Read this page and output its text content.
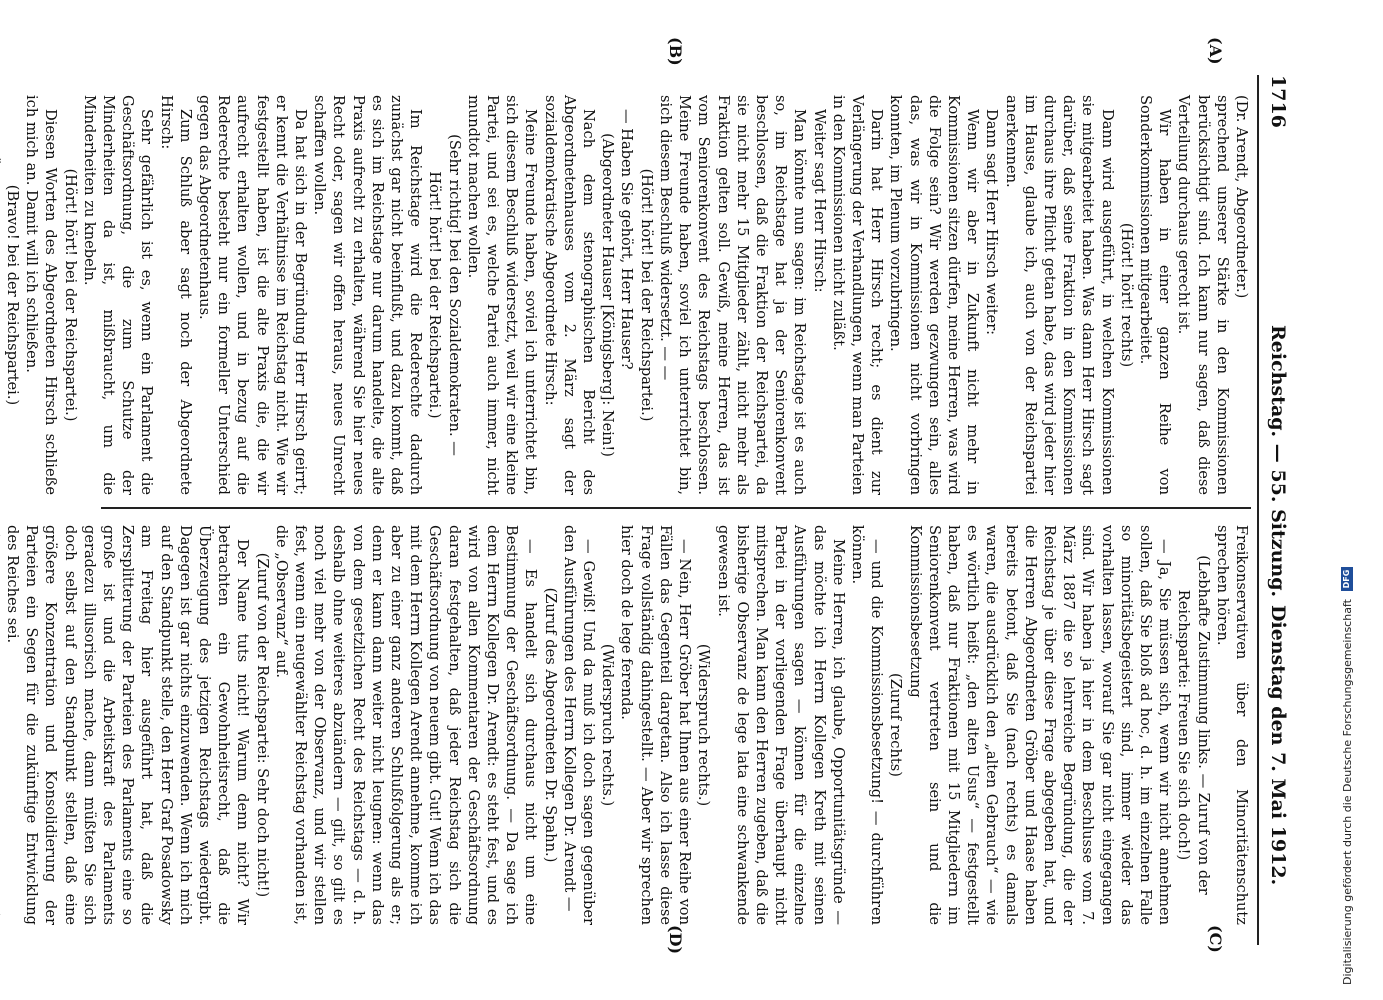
1716
Reichstag. — 55. Sitzung.
Dienstag den 7. Mai 1912.
(A)
(B)
(C)
(D)

(Dr. Arendt, Abgeordneter.)

sprechend unserer Stärke in den Kommissionen berücksichtigt sind. Ich kann nur sagen, daß diese Verteilung durchaus gerecht ist.

Wir haben in einer ganzen Reihe von Sonderkommissionen mitgearbeitet.

(Hört! hört! rechts)

Dann wird ausgeführt, in welchen Kommissionen sie mitgearbeitet haben. Was dann Herr Hirsch sagt darüber, daß seine Fraktion in den Kommissionen durchaus ihre Pflicht getan habe, das wird jeder hier im Hause, glaube ich, auch von der Reichspartei anerkennen.

Dann sagt Herr Hirsch weiter:

Wenn wir aber in Zukunft nicht mehr in Kommissionen sitzen dürfen, meine Herren, was wird die Folge sein? Wir werden gezwungen sein, alles das, was wir in Kommissionen nicht vorbringen konnten, im Plenum vorzubringen.

Darin hat Herr Hirsch recht; es dient zur Verlängerung der Verhandlungen, wenn man Parteien in den Kommissionen nicht zuläßt.

Weiter sagt Herr Hirsch:

Man könnte nun sagen: im Reichstage ist es auch so, im Reichstage hat ja der Seniorenkonvent beschlossen, daß die Fraktion der Reichspartei, da sie nicht mehr 15 Mitglieder zählt, nicht mehr als Fraktion gelten soll. Gewiß, meine Herren, das ist vom Seniorenkonvent des Reichstags beschlossen. Meine Freunde haben, soviel ich unterrichtet bin, sich diesem Beschluß widersetzt. — —

(Hört! hört! bei der Reichspartei.)

— Haben Sie gehört, Herr Hauser?

(Abgeordneter Hauser [Königsberg]: Nein!)

Nach dem stenographischen Bericht des Abgeordnetenhauses vom 2. März sagt der sozialdemokratische Abgeordnete Hirsch:

Meine Freunde haben, soviel ich unterrichtet bin, sich diesem Beschluß widersetzt, weil wir eine kleine Partei, und sei es, welche Partei auch immer, nicht mundtot machen wollen.

(Sehr richtig! bei den Sozialdemokraten. —

Hört! hört! bei der Reichspartei.)

Im Reichstage wird die Rederechte dadurch zunächst gar nicht beeinflußt, und dazu kommt, daß es sich im Reichstage nur darum handelte, die alte Praxis aufrecht zu erhalten, während Sie hier neues Recht oder, sagen wir offen heraus, neues Unrecht schaffen wollen.

Da hat sich in der Begründung Herr Hirsch geirrt; er kennt die Verhältnisse im Reichstag nicht. Wie wir festgestellt haben, ist die alte Praxis die, die wir aufrecht erhalten wollen, und in bezug auf die Rederechte besteht nur ein formeller Unterschied gegen das Abgeordnetenhaus.

Zum Schluß aber sagt noch der Abgeordnete Hirsch:

Sehr gefährlich ist es, wenn ein Parlament die Geschäftsordnung, die zum Schutze der Minderheiten da ist, mißbraucht, um die Minderheiten zu knebeln.

(Hört! hört! bei der Reichspartei.)

Diesen Worten des Abgeordneten Hirsch schließe ich mich an. Damit will ich schließen.

(Bravo! bei der Reichspartei.)

Freikonservativen über den Minoritätenschutz sprechen hören.

(Lebhafte Zustimmung links. — Zuruf von der Reichspartei: Freuen Sie sich doch!)

— Ja, Sie müssen sich, wenn wir nicht annehmen sollen, daß Sie bloß ad hoc, d. h. im einzelnen Falle so minoritätsbegeistert sind, immer wieder das vorhalten lassen, worauf Sie gar nicht eingegangen sind. Wir haben ja hier in dem Beschlusse vom 7. März 1887 die so lehrreiche Begründung, die der Reichstag je über diese Frage abgegeben hat, und die Herren Abgeordneten Gröber und Haase haben bereits betont, daß Sie (nach rechts) es damals waren, die ausdrücklich den „alten Gebrauch“ — wie es wörtlich heißt: „den alten Usus“ — festgestellt haben, daß nur Fraktionen mit 15 Mitgliedern im Seniorenkonvent vertreten sein und die Kommissionsbesetzung

(Zuruf rechts)

— und die Kommissionsbesetzung! — durchführen können.

Meine Herren, ich glaube, Opportunitätsgründe — das möchte ich Herrn Kollegen Kreth mit seinen Ausführungen sagen — können für die einzelne Partei in der vorliegenden Frage überhaupt nicht mitsprechen. Man kann den Herren zugeben, daß die bisherige Observanz de lege lata eine schwankende gewesen ist.

(Widerspruch rechts.)

— Nein, Herr Gröber hat Ihnen aus einer Reihe von Fällen das Gegenteil dargetan. Also ich lasse diese Frage vollständig dahingestellt. — Aber wir sprechen hier doch de lege ferenda.

(Widerspruch rechts.)

— Gewiß! Und da muß ich doch sagen gegenüber den Ausführungen des Herrn Kollegen Dr. Arendt —

(Zuruf des Abgeordneten Dr. Spahn.)

— Es handelt sich durchaus nicht um eine Bestimmung der Geschäftsordnung. — Da sage ich dem Herrn Kollegen Dr. Arendt: es steht fest, und es wird von allen Kommentaren der Geschäftsordnung daran festgehalten, daß jeder Reichstag sich die Geschäftsordnung von neuem gibt. Gut! Wenn ich das mit dem Herrn Kollegen Arendt annehme, komme ich aber zu einer ganz anderen Schlußfolgerung als er; denn er kann dann weiter nicht leugnen: wenn das von dem gesetzlichen Recht des Reichstags — d. h. deshalb ohne weiteres abzuändern — gilt, so gilt es noch viel mehr von der Observanz, und wir stellen fest, wenn ein neugewählter Reichstag vorhanden ist, die „Observanz“ auf.

(Zuruf von der Reichspartei: Sehr doch nicht!)

Der Name tuts nicht! Warum denn nicht? Wir betrachten ein Gewohnheitsrecht, daß die Überzeugung des jetzigen Reichstags wiedergibt. Dagegen ist gar nichts einzuwenden. Wenn ich mich auf den Standpunkt stelle, den Herr Graf Posadowsky am Freitag hier ausgeführt hat, daß die Zersplitterung der Parteien des Parlaments eine so große ist und die Arbeitskraft des Parlaments geradezu illusorisch mache, dann müßten Sie sich doch selbst auf den Standpunkt stellen, daß eine größere Konzentration und Konsolidierung der Parteien ein Segen für die zukünftige Entwicklung des Reiches sei.

Digitalisierung gefördert durch die Deutsche Forschungsgemeinschaft
DFG
